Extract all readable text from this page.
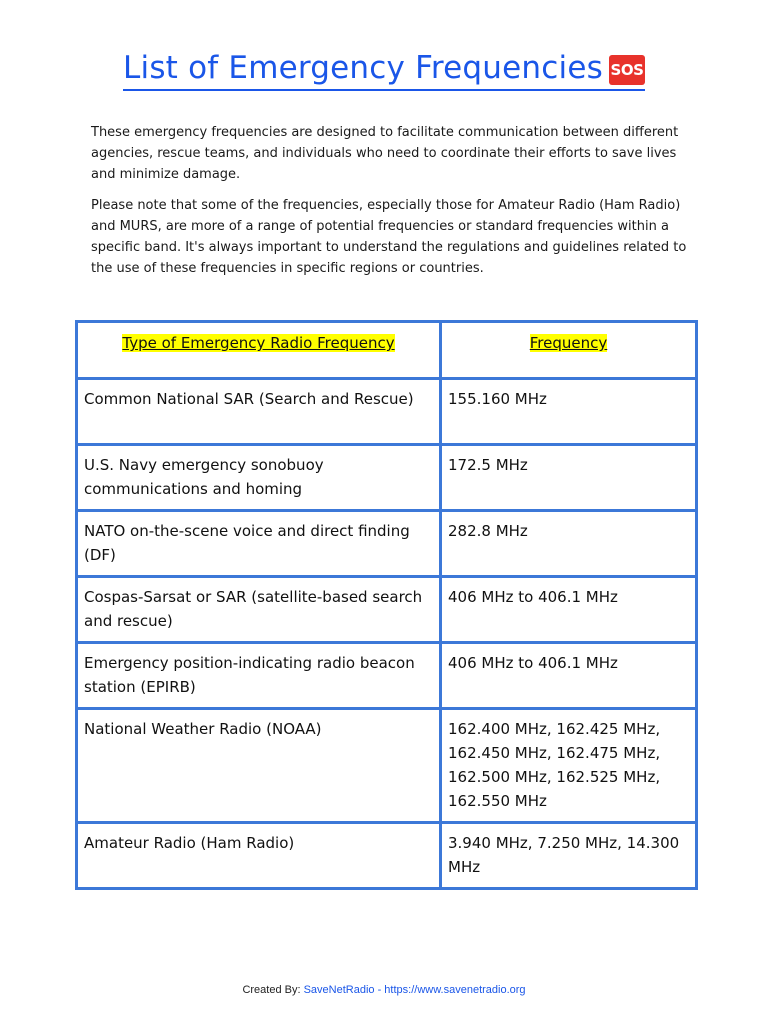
List of Emergency Frequencies SOS

These emergency frequencies are designed to facilitate communication between different agencies, rescue teams, and individuals who need to coordinate their efforts to save lives and minimize damage.

Please note that some of the frequencies, especially those for Amateur Radio (Ham Radio) and MURS, are more of a range of potential frequencies or standard frequencies within a specific band. It's always important to understand the regulations and guidelines related to the use of these frequencies in specific regions or countries.

Type of Emergency Radio Frequency	Frequency
Common National SAR (Search and Rescue)	155.160 MHz
U.S. Navy emergency sonobuoy communications and homing	172.5 MHz
NATO on-the-scene voice and direct finding (DF)	282.8 MHz
Cospas-Sarsat or SAR (satellite-based search and rescue)	406 MHz to 406.1 MHz
Emergency position-indicating radio beacon station (EPIRB)	406 MHz to 406.1 MHz
National Weather Radio (NOAA)	162.400 MHz, 162.425 MHz, 162.450 MHz, 162.475 MHz, 162.500 MHz, 162.525 MHz, 162.550 MHz
Amateur Radio (Ham Radio)	3.940 MHz, 7.250 MHz, 14.300 MHz
Created By: SaveNetRadio - https://www.savenetradio.org
